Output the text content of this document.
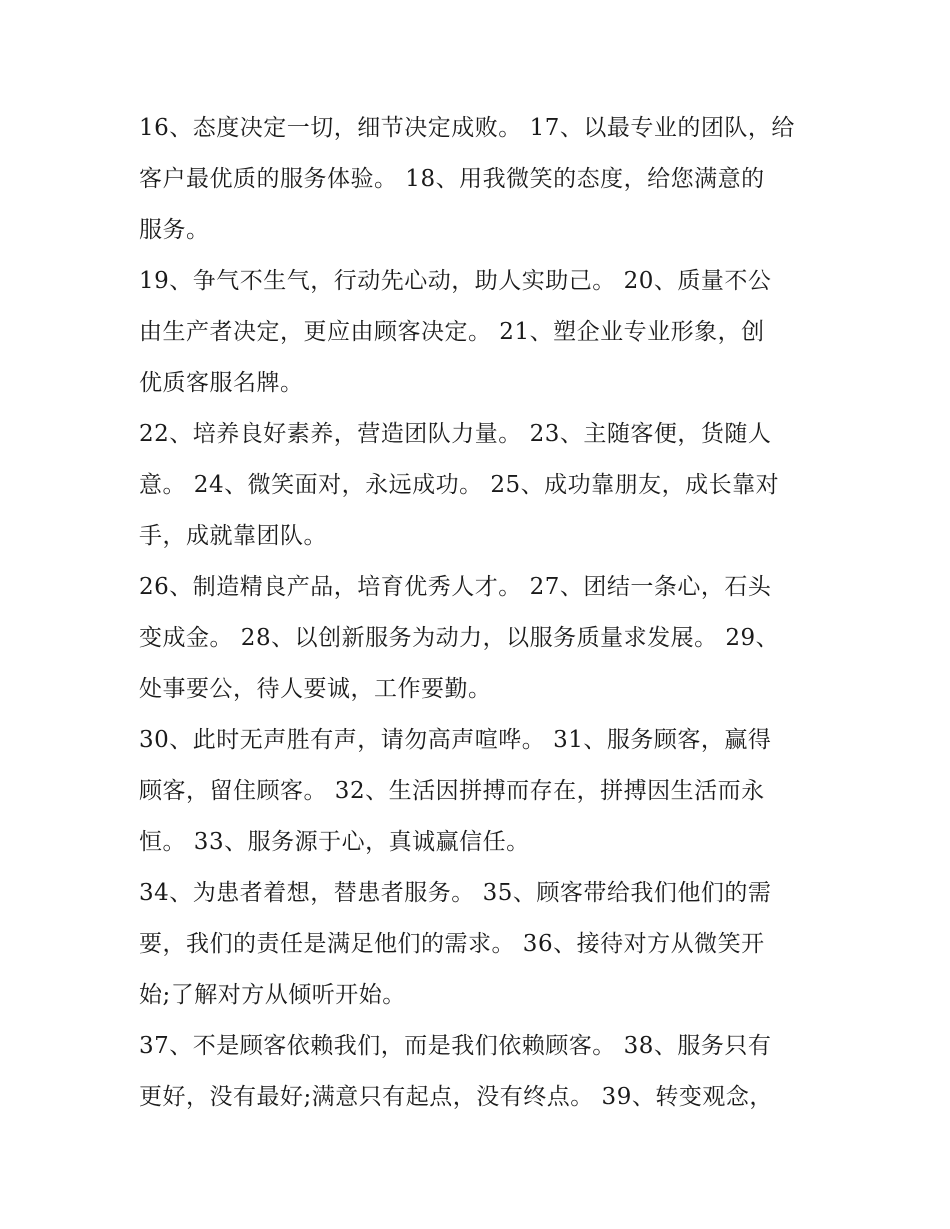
16、态度决定一切，细节决定成败。 17、以最专业的团队，给
客户最优质的服务体验。 18、用我微笑的态度，给您满意的
服务。

19、争气不生气，行动先心动，助人实助己。 20、质量不公
由生产者决定，更应由顾客决定。 21、塑企业专业形象，创
优质客服名牌。

22、培养良好素养，营造团队力量。 23、主随客便，货随人
意。 24、微笑面对，永远成功。 25、成功靠朋友，成长靠对
手，成就靠团队。

26、制造精良产品，培育优秀人才。 27、团结一条心，石头
变成金。 28、以创新服务为动力，以服务质量求发展。 29、
处事要公，待人要诚，工作要勤。

30、此时无声胜有声，请勿高声喧哗。 31、服务顾客，赢得
顾客，留住顾客。 32、生活因拼搏而存在，拼搏因生活而永
恒。 33、服务源于心，真诚赢信任。

34、为患者着想，替患者服务。 35、顾客带给我们他们的需
要，我们的责任是满足他们的需求。 36、接待对方从微笑开
始;了解对方从倾听开始。

37、不是顾客依赖我们，而是我们依赖顾客。 38、服务只有
更好，没有最好;满意只有起点，没有终点。 39、转变观念，
